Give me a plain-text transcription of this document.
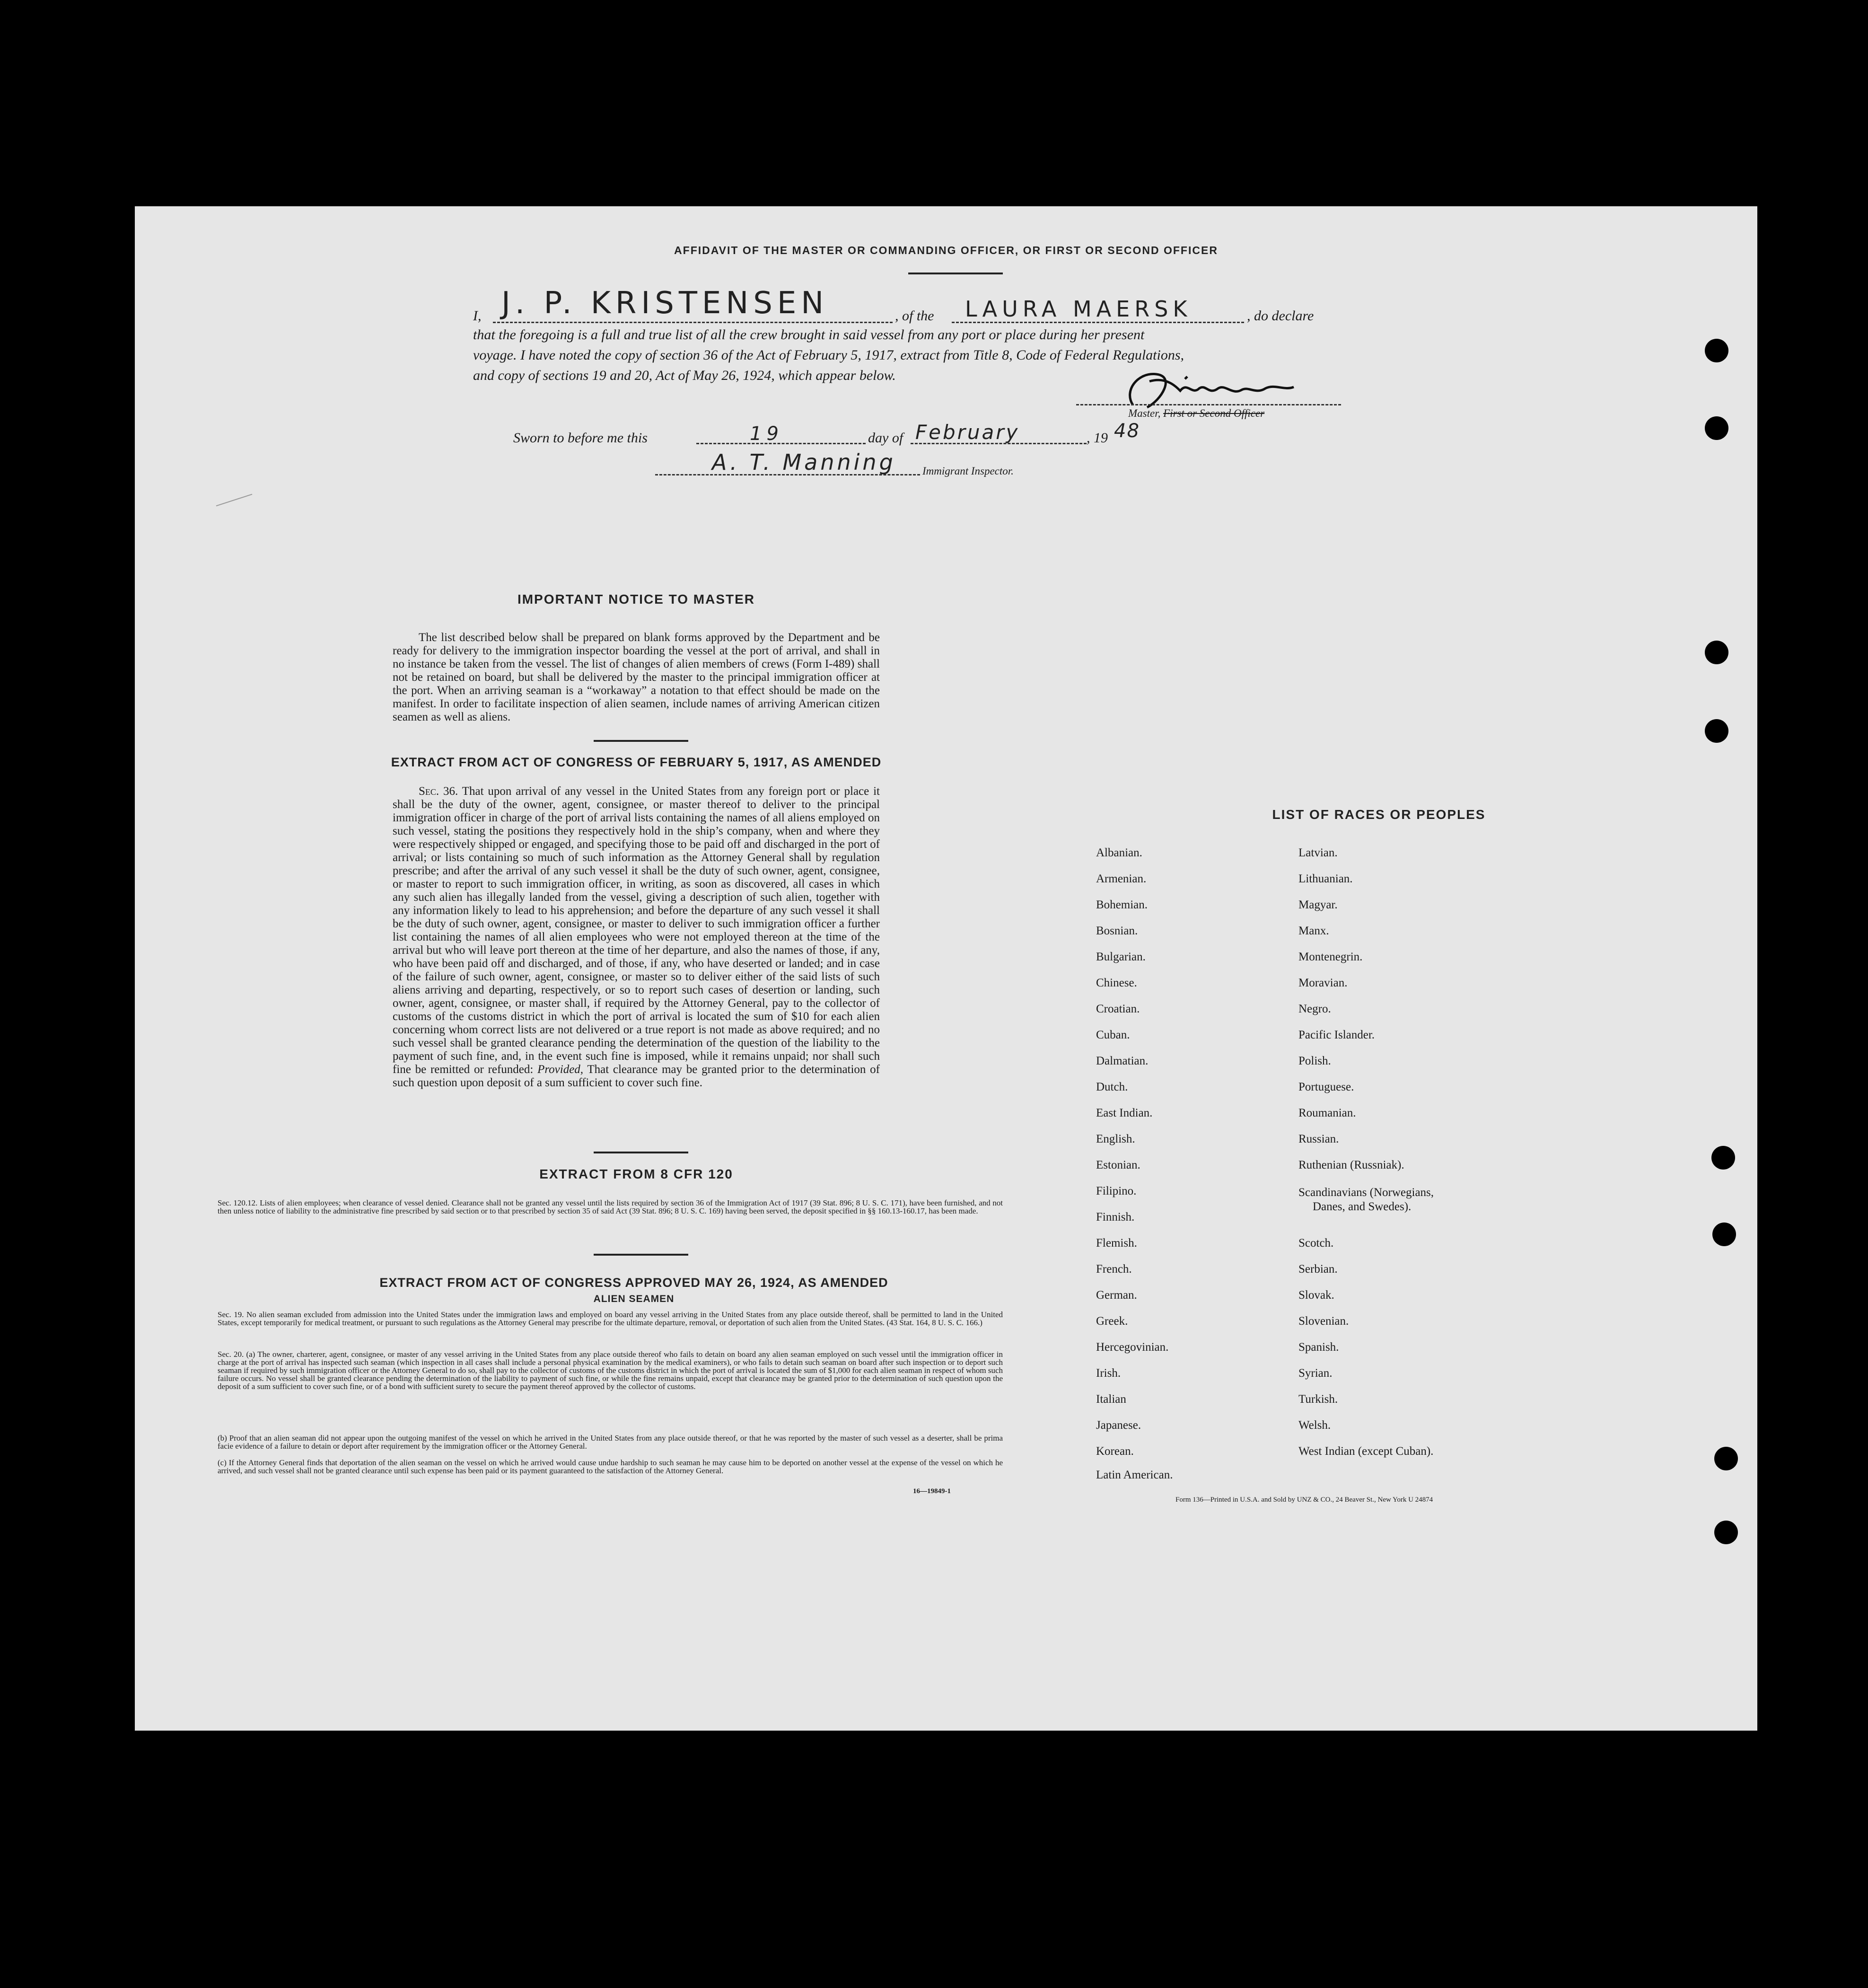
AFFIDAVIT OF THE MASTER OR COMMANDING OFFICER, OR FIRST OR SECOND OFFICER
I, J. P. KRISTENSEN	, of the LAURA MAERSK	, do declare
that the foregoing is a full and true list of all the crew brought in said vessel from any port or place during her present
voyage. I have noted the copy of section 36 of the Act of February 5, 1917, extract from Title 8, Code of Federal Regulations,
and copy of sections 19 and 20, Act of May 26, 1924, which appear below.
Master, First or Second Officer
Sworn to before me this	19	day of February	, 19 48
A. T. Manning Immigrant Inspector.
IMPORTANT NOTICE TO MASTER
The list described below shall be prepared on blank forms approved by the Department and be ready for delivery to the immigration inspector boarding the vessel at the port of arrival, and shall in no instance be taken from the vessel. The list of changes of alien members of crews (Form I-489) shall not be retained on board, but shall be delivered by the master to the principal immigration officer at the port. When an arriving seaman is a “workaway” a notation to that effect should be made on the manifest. In order to facilitate inspection of alien seamen, include names of arriving American citizen seamen as well as aliens.
EXTRACT FROM ACT OF CONGRESS OF FEBRUARY 5, 1917, AS AMENDED
Sec. 36. That upon arrival of any vessel in the United States from any foreign port or place it shall be the duty of the owner, agent, consignee, or master thereof to deliver to the principal immigration officer in charge of the port of arrival lists containing the names of all aliens employed on such vessel, stating the positions they respectively hold in the ship’s company, when and where they were respectively shipped or engaged, and specifying those to be paid off and discharged in the port of arrival; or lists containing so much of such information as the Attorney General shall by regulation prescribe; and after the arrival of any such vessel it shall be the duty of such owner, agent, consignee, or master to report to such immigration officer, in writing, as soon as discovered, all cases in which any such alien has illegally landed from the vessel, giving a description of such alien, together with any information likely to lead to his apprehension; and before the departure of any such vessel it shall be the duty of such owner, agent, consignee, or master to deliver to such immigration officer a further list containing the names of all alien employees who were not employed thereon at the time of the arrival but who will leave port thereon at the time of her departure, and also the names of those, if any, who have been paid off and discharged, and of those, if any, who have deserted or landed; and in case of the failure of such owner, agent, consignee, or master so to deliver either of the said lists of such aliens arriving and departing, respectively, or so to report such cases of desertion or landing, such owner, agent, consignee, or master shall, if required by the Attorney General, pay to the collector of customs of the customs district in which the port of arrival is located the sum of $10 for each alien concerning whom correct lists are not delivered or a true report is not made as above required; and no such vessel shall be granted clearance pending the determination of the question of the liability to the payment of such fine, and, in the event such fine is imposed, while it remains unpaid; nor shall such fine be remitted or refunded: Provided, That clearance may be granted prior to the determination of such question upon deposit of a sum sufficient to cover such fine.
EXTRACT FROM 8 CFR 120
Sec. 120.12. Lists of alien employees; when clearance of vessel denied. Clearance shall not be granted any vessel until the lists required by section 36 of the Immigration Act of 1917 (39 Stat. 896; 8 U. S. C. 171), have been furnished, and not then unless notice of liability to the administrative fine prescribed by said section or to that prescribed by section 35 of said Act (39 Stat. 896; 8 U. S. C. 169) having been served, the deposit specified in §§ 160.13-160.17, has been made.
EXTRACT FROM ACT OF CONGRESS APPROVED MAY 26, 1924, AS AMENDED
ALIEN SEAMEN
Sec. 19. No alien seaman excluded from admission into the United States under the immigration laws and employed on board any vessel arriving in the United States from any place outside thereof, shall be permitted to land in the United States, except temporarily for medical treatment, or pursuant to such regulations as the Attorney General may prescribe for the ultimate departure, removal, or deportation of such alien from the United States. (43 Stat. 164, 8 U. S. C. 166.)
Sec. 20. (a) The owner, charterer, agent, consignee, or master of any vessel arriving in the United States from any place outside thereof who fails to detain on board any alien seaman employed on such vessel until the immigration officer in charge at the port of arrival has inspected such seaman (which inspection in all cases shall include a personal physical examination by the medical examiners), or who fails to detain such seaman on board after such inspection or to deport such seaman if required by such immigration officer or the Attorney General to do so, shall pay to the collector of customs of the customs district in which the port of arrival is located the sum of $1,000 for each alien seaman in respect of whom such failure occurs. No vessel shall be granted clearance pending the determination of the liability to payment of such fine, or while the fine remains unpaid, except that clearance may be granted prior to the determination of such question upon the deposit of a sum sufficient to cover such fine, or of a bond with sufficient surety to secure the payment thereof approved by the collector of customs.
(b) Proof that an alien seaman did not appear upon the outgoing manifest of the vessel on which he arrived in the United States from any place outside thereof, or that he was reported by the master of such vessel as a deserter, shall be prima facie evidence of a failure to detain or deport after requirement by the immigration officer or the Attorney General.
(c) If the Attorney General finds that deportation of the alien seaman on the vessel on which he arrived would cause undue hardship to such seaman he may cause him to be deported on another vessel at the expense of the vessel on which he arrived, and such vessel shall not be granted clearance until such expense has been paid or its payment guaranteed to the satisfaction of the Attorney General.
16—19849-1
LIST OF RACES OR PEOPLES
Albanian.
Armenian.
Bohemian.
Bosnian.
Bulgarian.
Chinese.
Croatian.
Cuban.
Dalmatian.
Dutch.
East Indian.
English.
Estonian.
Filipino.
Finnish.
Flemish.
French.
German.
Greek.
Hercegovinian.
Irish.
Italian
Japanese.
Korean.
Latin American.
Latvian.
Lithuanian.
Magyar.
Manx.
Montenegrin.
Moravian.
Negro.
Pacific Islander.
Polish.
Portuguese.
Roumanian.
Russian.
Ruthenian (Russniak).
Scandinavians (Norwegians,
Danes, and Swedes).
Scotch.
Serbian.
Slovak.
Slovenian.
Spanish.
Syrian.
Turkish.
Welsh.
West Indian (except Cuban).
Form 136—Printed in U.S.A. and Sold by UNZ & CO., 24 Beaver St., New York U 24874
